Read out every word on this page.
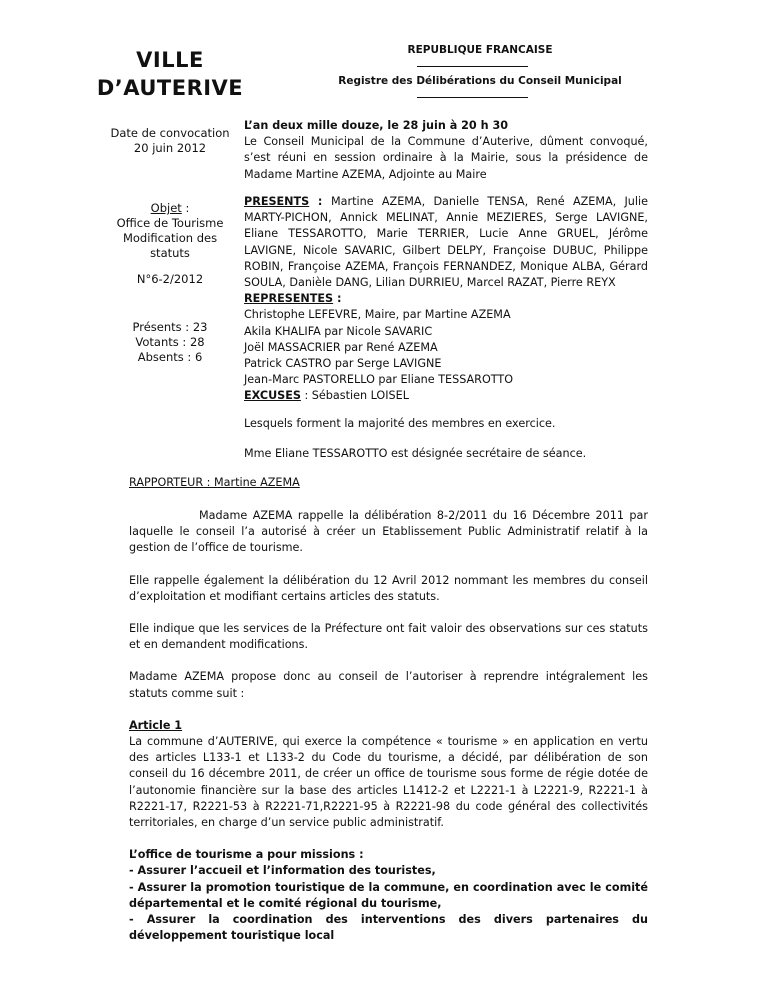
VILLE
D’AUTERIVE
REPUBLIQUE FRANCAISE
Registre des Délibérations du Conseil Municipal
Date de convocation
20 juin 2012
Objet :
Office de Tourisme
Modification des
statuts
N°6-2/2012
Présents : 23
Votants : 28
Absents : 6

L’an deux mille douze, le 28 juin à 20 h 30

Le Conseil Municipal de la Commune d’Auterive, dûment convoqué, s’est réuni en session ordinaire à la Mairie, sous la présidence de Madame Martine AZEMA, Adjointe au Maire

PRESENTS : Martine AZEMA, Danielle TENSA, René AZEMA, Julie MARTY-PICHON, Annick MELINAT, Annie MEZIERES, Serge LAVIGNE, Eliane TESSAROTTO, Marie TERRIER, Lucie Anne GRUEL, Jérôme LAVIGNE, Nicole SAVARIC, Gilbert DELPY, Françoise DUBUC, Philippe ROBIN, Françoise AZEMA, François FERNANDEZ, Monique ALBA, Gérard SOULA, Danièle DANG, Lilian DURRIEU, Marcel RAZAT, Pierre REYX

REPRESENTES :

Christophe LEFEVRE, Maire, par Martine AZEMA

Akila KHALIFA par Nicole SAVARIC

Joël MASSACRIER par René AZEMA

Patrick CASTRO par Serge LAVIGNE

Jean-Marc PASTORELLO par Eliane TESSAROTTO

EXCUSES : Sébastien LOISEL

Lesquels forment la majorité des membres en exercice.
Mme Eliane TESSAROTTO est désignée secrétaire de séance.
RAPPORTEUR : Martine AZEMA

Madame AZEMA rappelle la délibération 8-2/2011 du 16 Décembre 2011 par laquelle le conseil l’a autorisé à créer un Etablissement Public Administratif relatif à la gestion de l’office de tourisme.

Elle rappelle également la délibération du 12 Avril 2012 nommant les membres du conseil d’exploitation et modifiant certains articles des statuts.

Elle indique que les services de la Préfecture ont fait valoir des observations sur ces statuts et en demandent modifications.

Madame AZEMA propose donc au conseil de l’autoriser à reprendre intégralement les statuts comme suit :

Article 1

La commune d’AUTERIVE, qui exerce la compétence « tourisme » en application en vertu des articles L133-1 et L133-2 du Code du tourisme, a décidé, par délibération de son conseil du 16 décembre 2011, de créer un office de tourisme sous forme de régie dotée de l’autonomie financière sur la base des articles L1412-2 et L2221-1 à L2221-9, R2221-1 à R2221-17, R2221-53 à R2221-71,R2221-95 à R2221-98 du code général des collectivités territoriales, en charge d’un service public administratif.

L’office de tourisme a pour missions :

- Assurer l’accueil et l’information des touristes,

- Assurer la promotion touristique de la commune, en coordination avec le comité départemental et le comité régional du tourisme,

- Assurer la coordination des interventions des divers partenaires du développement touristique local
